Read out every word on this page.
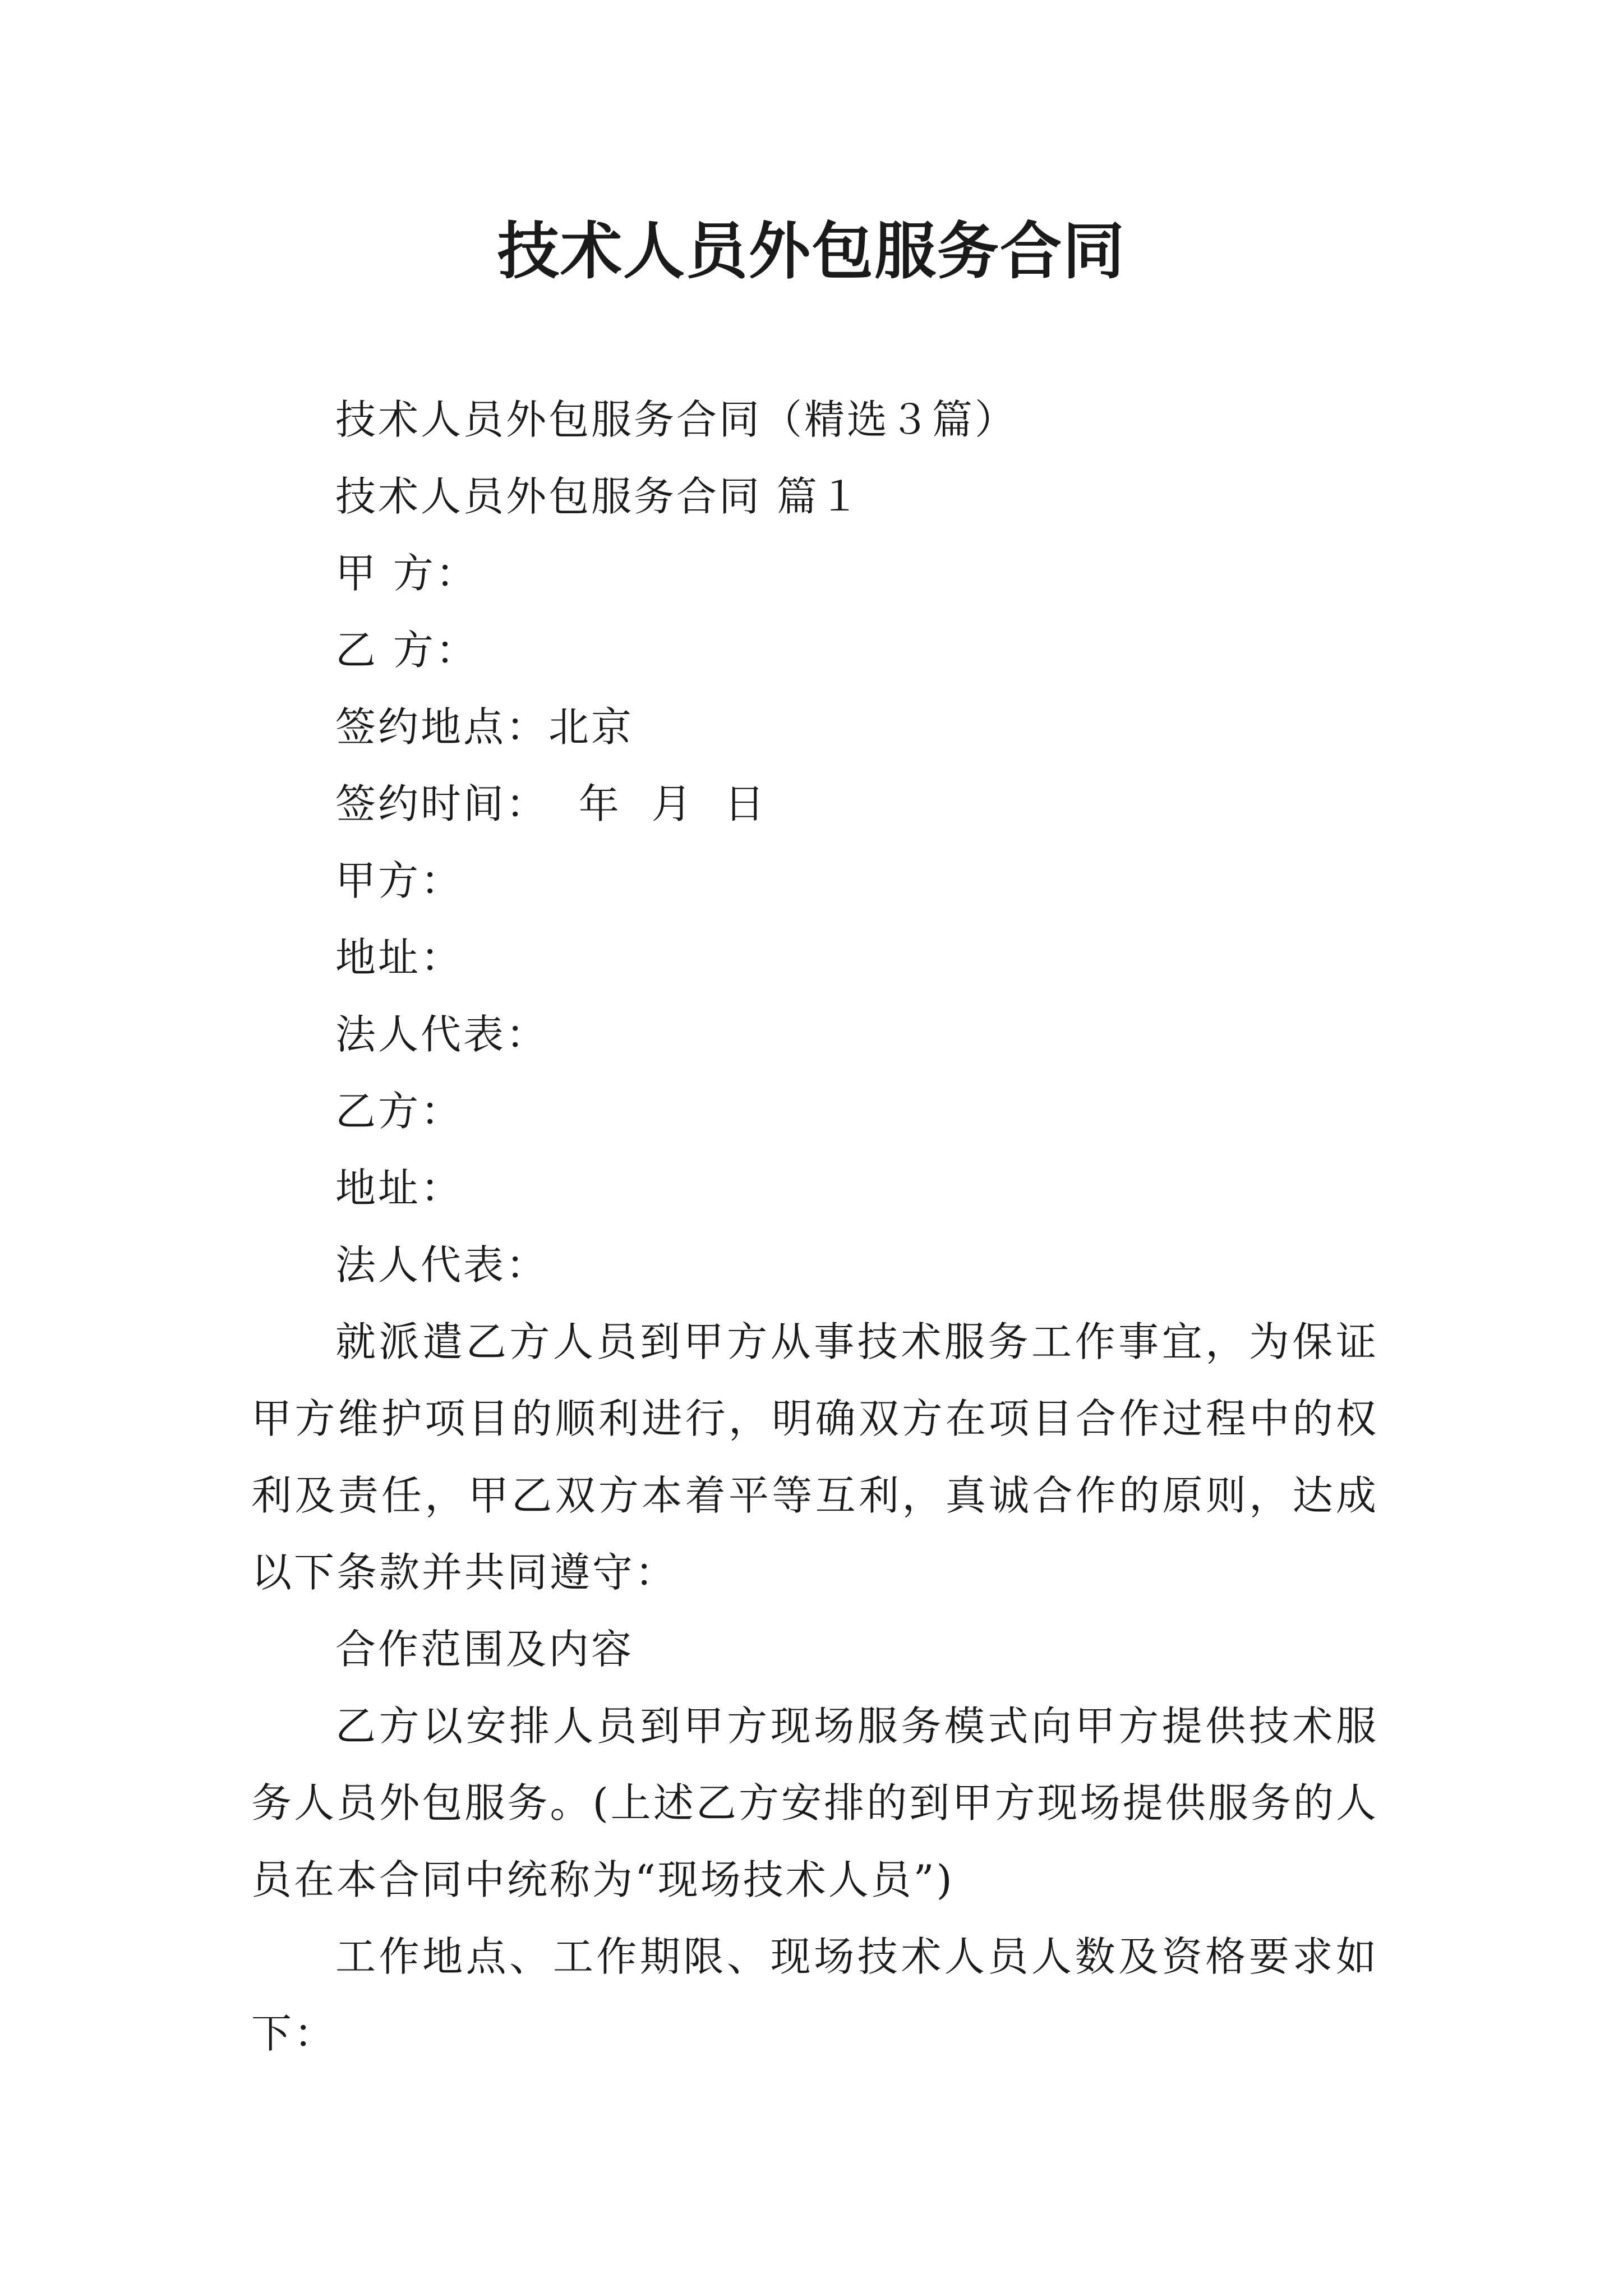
技术人员外包服务合同

技术人员外包服务合同（精选３篇）

技术人员外包服务合同 篇１

甲 方：

乙 方：

签约地点：北京

签约时间：  年  月  日

甲方：

地址：

法人代表：

乙方：

地址：

法人代表：

就派遣乙方人员到甲方从事技术服务工作事宜，为保证甲方维护项目的顺利进行，明确双方在项目合作过程中的权利及责任，甲乙双方本着平等互利，真诚合作的原则，达成以下条款并共同遵守：

合作范围及内容

乙方以安排人员到甲方现场服务模式向甲方提供技术服务人员外包服务。(上述乙方安排的到甲方现场提供服务的人员在本合同中统称为“现场技术人员”)

工作地点、工作期限、现场技术人员人数及资格要求如下：
